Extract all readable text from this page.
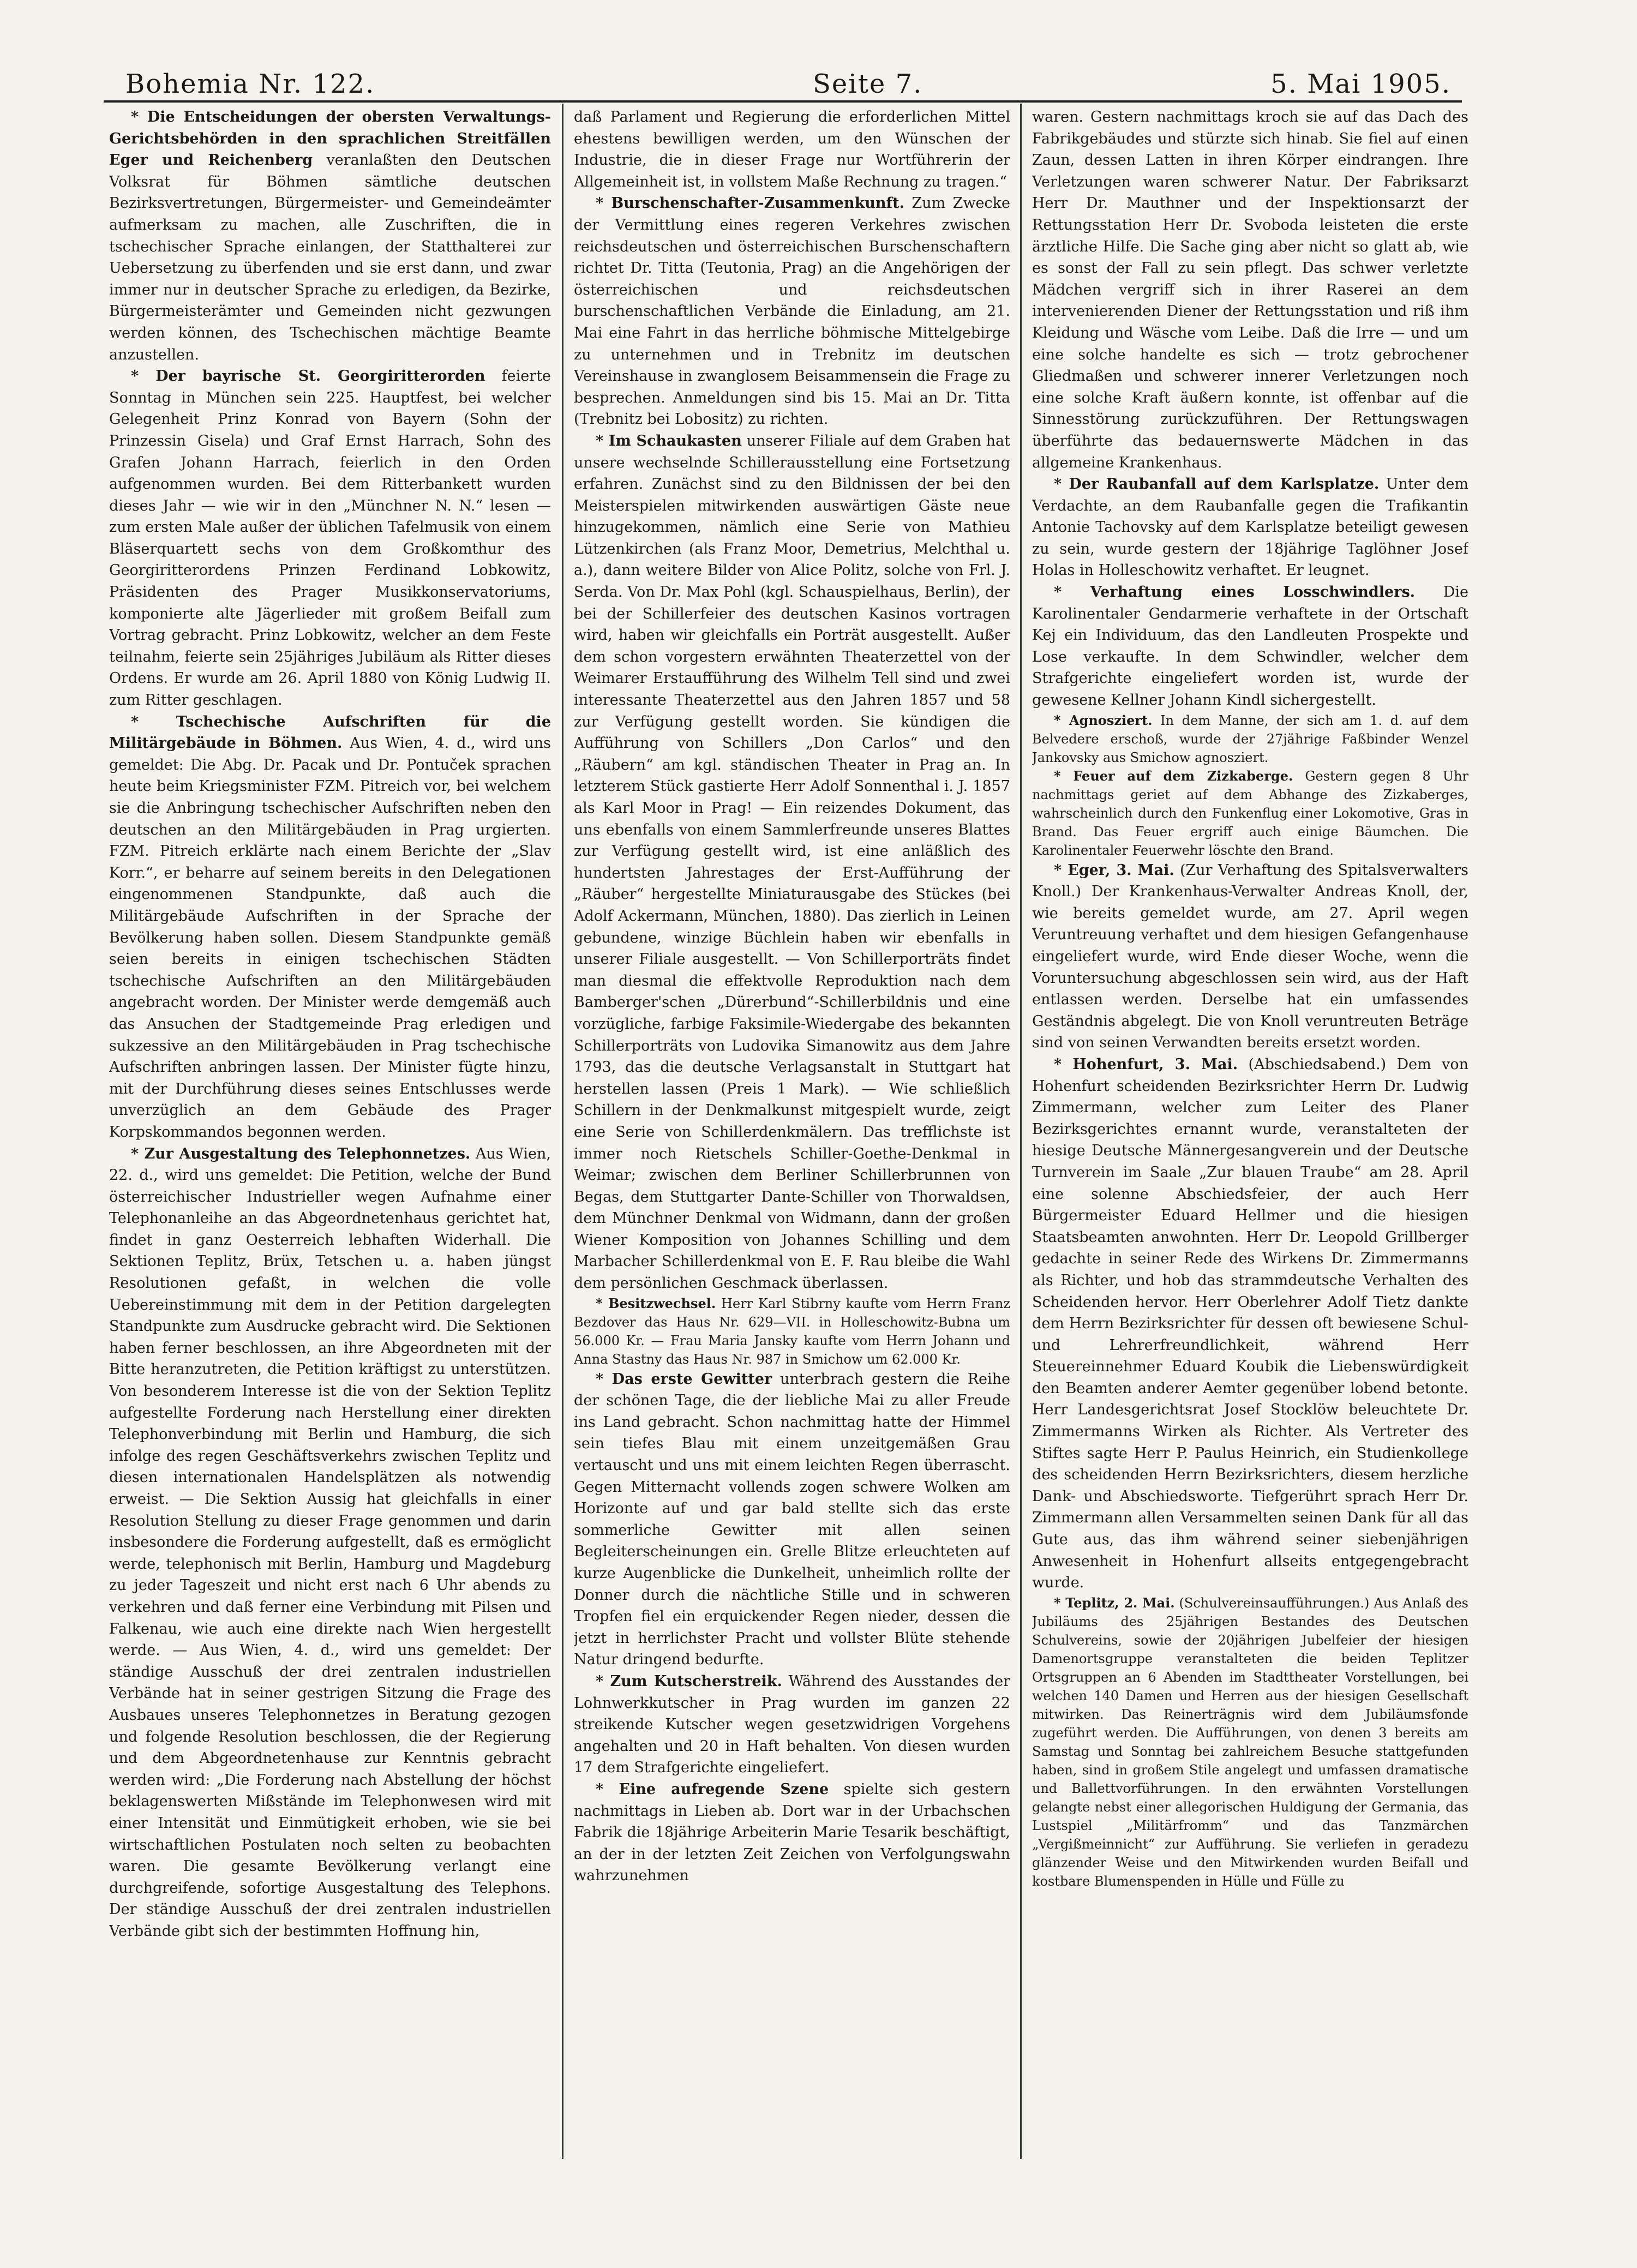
Bohemia Nr. 122.	Seite 7.	5. Mai 1905.

* Die Entscheidungen der obersten Verwaltungs-Gerichtsbehörden in den sprachlichen Streitfällen Eger und Reichenberg veranlaßten den Deutschen Volksrat für Böhmen sämtliche deutschen Bezirksvertretungen, Bürgermeister- und Gemeindeämter aufmerksam zu machen, alle Zuschriften, die in tschechischer Sprache einlangen, der Statthalterei zur Uebersetzung zu überfenden und sie erst dann, und zwar immer nur in deutscher Sprache zu erledigen, da Bezirke, Bürgermeisterämter und Gemeinden nicht gezwungen werden können, des Tschechischen mächtige Beamte anzustellen.

* Der bayrische St. Georgiritterorden feierte Sonntag in München sein 225. Hauptfest, bei welcher Gelegenheit Prinz Konrad von Bayern (Sohn der Prinzessin Gisela) und Graf Ernst Harrach, Sohn des Grafen Johann Harrach, feierlich in den Orden aufgenommen wurden. Bei dem Ritterbankett wurden dieses Jahr — wie wir in den „Münchner N. N.“ lesen — zum ersten Male außer der üblichen Tafelmusik von einem Bläserquartett sechs von dem Großkomthur des Georgiritterordens Prinzen Ferdinand Lobkowitz, Präsidenten des Prager Musikkonservatoriums, komponierte alte Jägerlieder mit großem Beifall zum Vortrag gebracht. Prinz Lobkowitz, welcher an dem Feste teilnahm, feierte sein 25jähriges Jubiläum als Ritter dieses Ordens. Er wurde am 26. April 1880 von König Ludwig II. zum Ritter geschlagen.

* Tschechische Aufschriften für die Militärgebäude in Böhmen. Aus Wien, 4. d., wird uns gemeldet: Die Abg. Dr. Pacak und Dr. Pontuček sprachen heute beim Kriegsminister FZM. Pitreich vor, bei welchem sie die Anbringung tschechischer Aufschriften neben den deutschen an den Militärgebäuden in Prag urgierten. FZM. Pitreich erklärte nach einem Berichte der „Slav Korr.“, er beharre auf seinem bereits in den Delegationen eingenommenen Standpunkte, daß auch die Militärgebäude Aufschriften in der Sprache der Bevölkerung haben sollen. Diesem Standpunkte gemäß seien bereits in einigen tschechischen Städten tschechische Aufschriften an den Militärgebäuden angebracht worden. Der Minister werde demgemäß auch das Ansuchen der Stadtgemeinde Prag erledigen und sukzessive an den Militärgebäuden in Prag tschechische Aufschriften anbringen lassen. Der Minister fügte hinzu, mit der Durchführung dieses seines Entschlusses werde unverzüglich an dem Gebäude des Prager Korpskommandos begonnen werden.

* Zur Ausgestaltung des Telephonnetzes. Aus Wien, 22. d., wird uns gemeldet: Die Petition, welche der Bund österreichischer Industrieller wegen Aufnahme einer Telephonanleihe an das Abgeordnetenhaus gerichtet hat, findet in ganz Oesterreich lebhaften Widerhall. Die Sektionen Teplitz, Brüx, Tetschen u. a. haben jüngst Resolutionen gefaßt, in welchen die volle Uebereinstimmung mit dem in der Petition dargelegten Standpunkte zum Ausdrucke gebracht wird. Die Sektionen haben ferner beschlossen, an ihre Abgeordneten mit der Bitte heranzutreten, die Petition kräftigst zu unterstützen. Von besonderem Interesse ist die von der Sektion Teplitz aufgestellte Forderung nach Herstellung einer direkten Telephonverbindung mit Berlin und Hamburg, die sich infolge des regen Geschäftsverkehrs zwischen Teplitz und diesen internationalen Handelsplätzen als notwendig erweist. — Die Sektion Aussig hat gleichfalls in einer Resolution Stellung zu dieser Frage genommen und darin insbesondere die Forderung aufgestellt, daß es ermöglicht werde, telephonisch mit Berlin, Hamburg und Magdeburg zu jeder Tageszeit und nicht erst nach 6 Uhr abends zu verkehren und daß ferner eine Verbindung mit Pilsen und Falkenau, wie auch eine direkte nach Wien hergestellt werde. — Aus Wien, 4. d., wird uns gemeldet: Der ständige Ausschuß der drei zentralen industriellen Verbände hat in seiner gestrigen Sitzung die Frage des Ausbaues unseres Telephonnetzes in Beratung gezogen und folgende Resolution beschlossen, die der Regierung und dem Abgeordnetenhause zur Kenntnis gebracht werden wird: „Die Forderung nach Abstellung der höchst beklagenswerten Mißstände im Telephonwesen wird mit einer Intensität und Einmütigkeit erhoben, wie sie bei wirtschaftlichen Postulaten noch selten zu beobachten waren. Die gesamte Bevölkerung verlangt eine durchgreifende, sofortige Ausgestaltung des Telephons. Der ständige Ausschuß der drei zentralen industriellen Verbände gibt sich der bestimmten Hoffnung hin,

daß Parlament und Regierung die erforderlichen Mittel ehestens bewilligen werden, um den Wünschen der Industrie, die in dieser Frage nur Wortführerin der Allgemeinheit ist, in vollstem Maße Rechnung zu tragen.“

* Burschenschafter-Zusammenkunft. Zum Zwecke der Vermittlung eines regeren Verkehres zwischen reichsdeutschen und österreichischen Burschenschaftern richtet Dr. Titta (Teutonia, Prag) an die Angehörigen der österreichischen und reichsdeutschen burschenschaftlichen Verbände die Einladung, am 21. Mai eine Fahrt in das herrliche böhmische Mittelgebirge zu unternehmen und in Trebnitz im deutschen Vereinshause in zwanglosem Beisammensein die Frage zu besprechen. Anmeldungen sind bis 15. Mai an Dr. Titta (Trebnitz bei Lobositz) zu richten.

* Im Schaukasten unserer Filiale auf dem Graben hat unsere wechselnde Schillerausstellung eine Fortsetzung erfahren. Zunächst sind zu den Bildnissen der bei den Meisterspielen mitwirkenden auswärtigen Gäste neue hinzugekommen, nämlich eine Serie von Mathieu Lützenkirchen (als Franz Moor, Demetrius, Melchthal u. a.), dann weitere Bilder von Alice Politz, solche von Frl. J. Serda. Von Dr. Max Pohl (kgl. Schauspielhaus, Berlin), der bei der Schillerfeier des deutschen Kasinos vortragen wird, haben wir gleichfalls ein Porträt ausgestellt. Außer dem schon vorgestern erwähnten Theaterzettel von der Weimarer Erstaufführung des Wilhelm Tell sind und zwei interessante Theaterzettel aus den Jahren 1857 und 58 zur Verfügung gestellt worden. Sie kündigen die Aufführung von Schillers „Don Carlos“ und den „Räubern“ am kgl. ständischen Theater in Prag an. In letzterem Stück gastierte Herr Adolf Sonnenthal i. J. 1857 als Karl Moor in Prag! — Ein reizendes Dokument, das uns ebenfalls von einem Sammlerfreunde unseres Blattes zur Verfügung gestellt wird, ist eine anläßlich des hundertsten Jahrestages der Erst-Aufführung der „Räuber“ hergestellte Miniaturausgabe des Stückes (bei Adolf Ackermann, München, 1880). Das zierlich in Leinen gebundene, winzige Büchlein haben wir ebenfalls in unserer Filiale ausgestellt. — Von Schillerporträts findet man diesmal die effektvolle Reproduktion nach dem Bamberger'schen „Dürerbund“-Schillerbildnis und eine vorzügliche, farbige Faksimile-Wiedergabe des bekannten Schillerporträts von Ludovika Simanowitz aus dem Jahre 1793, das die deutsche Verlagsanstalt in Stuttgart hat herstellen lassen (Preis 1 Mark). — Wie schließlich Schillern in der Denkmalkunst mitgespielt wurde, zeigt eine Serie von Schillerdenkmälern. Das trefflichste ist immer noch Rietschels Schiller-Goethe-Denkmal in Weimar; zwischen dem Berliner Schillerbrunnen von Begas, dem Stuttgarter Dante-Schiller von Thorwaldsen, dem Münchner Denkmal von Widmann, dann der großen Wiener Komposition von Johannes Schilling und dem Marbacher Schillerdenkmal von E. F. Rau bleibe die Wahl dem persönlichen Geschmack überlassen.

* Besitzwechsel. Herr Karl Stibrny kaufte vom Herrn Franz Bezdover das Haus Nr. 629—VII. in Holleschowitz-Bubna um 56.000 Kr. — Frau Maria Jansky kaufte vom Herrn Johann und Anna Stastny das Haus Nr. 987 in Smichow um 62.000 Kr.

* Das erste Gewitter unterbrach gestern die Reihe der schönen Tage, die der liebliche Mai zu aller Freude ins Land gebracht. Schon nachmittag hatte der Himmel sein tiefes Blau mit einem unzeitgemäßen Grau vertauscht und uns mit einem leichten Regen überrascht. Gegen Mitternacht vollends zogen schwere Wolken am Horizonte auf und gar bald stellte sich das erste sommerliche Gewitter mit allen seinen Begleiterscheinungen ein. Grelle Blitze erleuchteten auf kurze Augenblicke die Dunkelheit, unheimlich rollte der Donner durch die nächtliche Stille und in schweren Tropfen fiel ein erquickender Regen nieder, dessen die jetzt in herrlichster Pracht und vollster Blüte stehende Natur dringend bedurfte.

* Zum Kutscherstreik. Während des Ausstandes der Lohnwerkkutscher in Prag wurden im ganzen 22 streikende Kutscher wegen gesetzwidrigen Vorgehens angehalten und 20 in Haft behalten. Von diesen wurden 17 dem Strafgerichte eingeliefert.

* Eine aufregende Szene spielte sich gestern nachmittags in Lieben ab. Dort war in der Urbachschen Fabrik die 18jährige Arbeiterin Marie Tesarik beschäftigt, an der in der letzten Zeit Zeichen von Verfolgungswahn wahrzunehmen

waren. Gestern nachmittags kroch sie auf das Dach des Fabrikgebäudes und stürzte sich hinab. Sie fiel auf einen Zaun, dessen Latten in ihren Körper eindrangen. Ihre Verletzungen waren schwerer Natur. Der Fabriksarzt Herr Dr. Mauthner und der Inspektionsarzt der Rettungsstation Herr Dr. Svoboda leisteten die erste ärztliche Hilfe. Die Sache ging aber nicht so glatt ab, wie es sonst der Fall zu sein pflegt. Das schwer verletzte Mädchen vergriff sich in ihrer Raserei an dem intervenierenden Diener der Rettungsstation und riß ihm Kleidung und Wäsche vom Leibe. Daß die Irre — und um eine solche handelte es sich — trotz gebrochener Gliedmaßen und schwerer innerer Verletzungen noch eine solche Kraft äußern konnte, ist offenbar auf die Sinnesstörung zurückzuführen. Der Rettungswagen überführte das bedauernswerte Mädchen in das allgemeine Krankenhaus.

* Der Raubanfall auf dem Karlsplatze. Unter dem Verdachte, an dem Raubanfalle gegen die Trafikantin Antonie Tachovsky auf dem Karlsplatze beteiligt gewesen zu sein, wurde gestern der 18jährige Taglöhner Josef Holas in Holleschowitz verhaftet. Er leugnet.

* Verhaftung eines Losschwindlers. Die Karolinentaler Gendarmerie verhaftete in der Ortschaft Kej ein Individuum, das den Landleuten Prospekte und Lose verkaufte. In dem Schwindler, welcher dem Strafgerichte eingeliefert worden ist, wurde der gewesene Kellner Johann Kindl sichergestellt.

* Agnosziert. In dem Manne, der sich am 1. d. auf dem Belvedere erschoß, wurde der 27jährige Faßbinder Wenzel Jankovsky aus Smichow agnosziert.

* Feuer auf dem Zizkaberge. Gestern gegen 8 Uhr nachmittags geriet auf dem Abhange des Zizkaberges, wahrscheinlich durch den Funkenflug einer Lokomotive, Gras in Brand. Das Feuer ergriff auch einige Bäumchen. Die Karolinentaler Feuerwehr löschte den Brand.

* Eger, 3. Mai. (Zur Verhaftung des Spitalsverwalters Knoll.) Der Krankenhaus-Verwalter Andreas Knoll, der, wie bereits gemeldet wurde, am 27. April wegen Veruntreuung verhaftet und dem hiesigen Gefangenhause eingeliefert wurde, wird Ende dieser Woche, wenn die Voruntersuchung abgeschlossen sein wird, aus der Haft entlassen werden. Derselbe hat ein umfassendes Geständnis abgelegt. Die von Knoll veruntreuten Beträge sind von seinen Verwandten bereits ersetzt worden.

* Hohenfurt, 3. Mai. (Abschiedsabend.) Dem von Hohenfurt scheidenden Bezirksrichter Herrn Dr. Ludwig Zimmermann, welcher zum Leiter des Planer Bezirksgerichtes ernannt wurde, veranstalteten der hiesige Deutsche Männergesangverein und der Deutsche Turnverein im Saale „Zur blauen Traube“ am 28. April eine solenne Abschiedsfeier, der auch Herr Bürgermeister Eduard Hellmer und die hiesigen Staatsbeamten anwohnten. Herr Dr. Leopold Grillberger gedachte in seiner Rede des Wirkens Dr. Zimmermanns als Richter, und hob das strammdeutsche Verhalten des Scheidenden hervor. Herr Oberlehrer Adolf Tietz dankte dem Herrn Bezirksrichter für dessen oft bewiesene Schul- und Lehrerfreundlichkeit, während Herr Steuereinnehmer Eduard Koubik die Liebenswürdigkeit den Beamten anderer Aemter gegenüber lobend betonte. Herr Landesgerichtsrat Josef Stocklöw beleuchtete Dr. Zimmermanns Wirken als Richter. Als Vertreter des Stiftes sagte Herr P. Paulus Heinrich, ein Studienkollege des scheidenden Herrn Bezirksrichters, diesem herzliche Dank- und Abschiedsworte. Tiefgerührt sprach Herr Dr. Zimmermann allen Versammelten seinen Dank für all das Gute aus, das ihm während seiner siebenjährigen Anwesenheit in Hohenfurt allseits entgegengebracht wurde.

* Teplitz, 2. Mai. (Schulvereinsaufführungen.) Aus Anlaß des Jubiläums des 25jährigen Bestandes des Deutschen Schulvereins, sowie der 20jährigen Jubelfeier der hiesigen Damenortsgruppe veranstalteten die beiden Teplitzer Ortsgruppen an 6 Abenden im Stadttheater Vorstellungen, bei welchen 140 Damen und Herren aus der hiesigen Gesellschaft mitwirken. Das Reinerträgnis wird dem Jubiläumsfonde zugeführt werden. Die Aufführungen, von denen 3 bereits am Samstag und Sonntag bei zahlreichem Besuche stattgefunden haben, sind in großem Stile angelegt und umfassen dramatische und Ballettvorführungen. In den erwähnten Vorstellungen gelangte nebst einer allegorischen Huldigung der Germania, das Lustspiel „Militärfromm“ und das Tanzmärchen „Vergißmeinnicht“ zur Aufführung. Sie verliefen in geradezu glänzender Weise und den Mitwirkenden wurden Beifall und kostbare Blumenspenden in Hülle und Fülle zu
